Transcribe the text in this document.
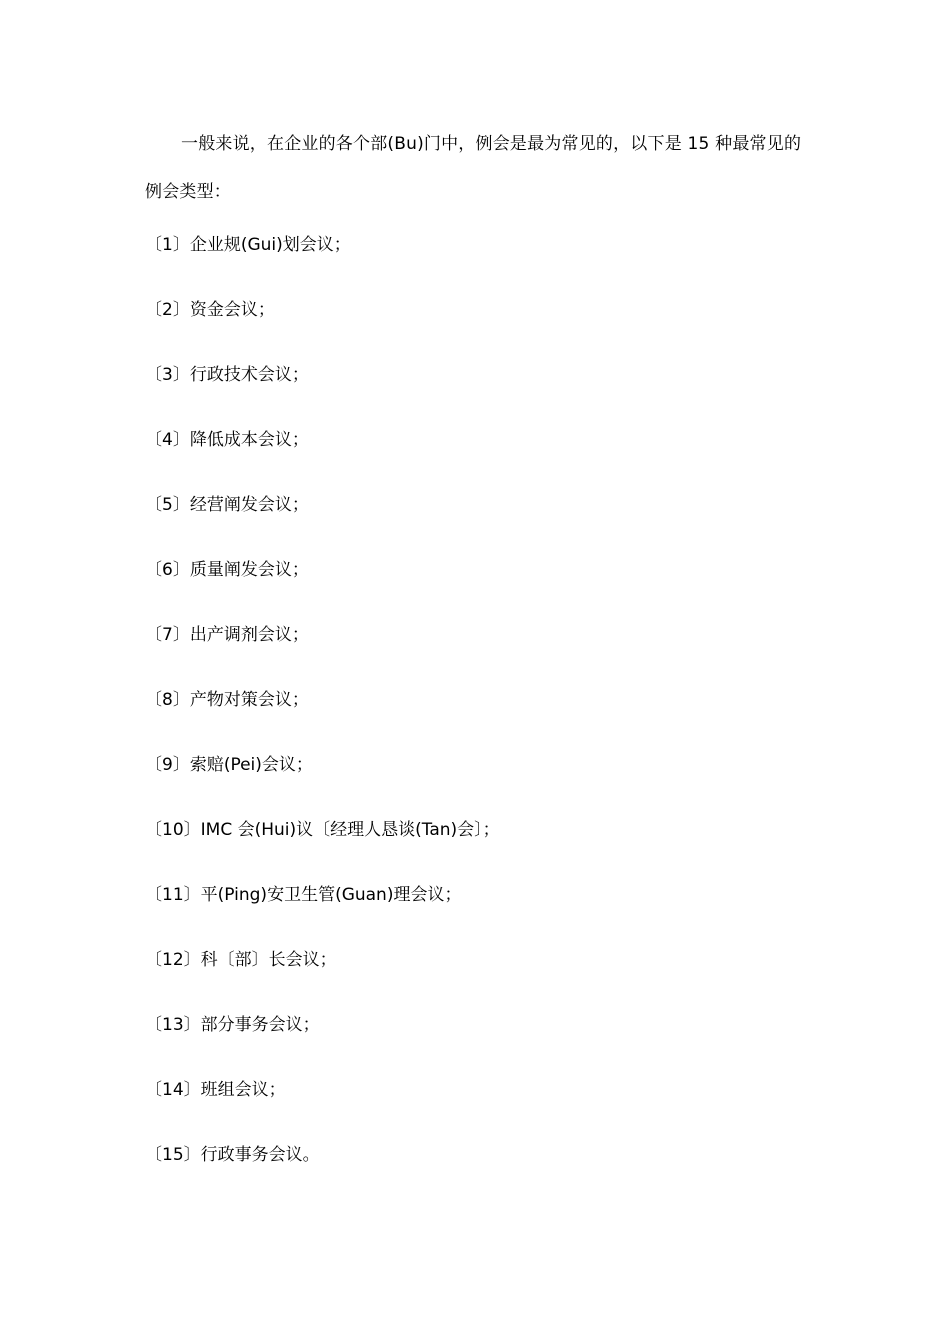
一般来说，在企业的各个部(Bu)门中，例会是最为常见的，以下是 15 种最常见的例会类型：

〔1〕企业规(Gui)划会议；
〔2〕资金会议；
〔3〕行政技术会议；
〔4〕降低成本会议；
〔5〕经营阐发会议；
〔6〕质量阐发会议；
〔7〕出产调剂会议；
〔8〕产物对策会议；
〔9〕索赔(Pei)会议；
〔10〕IMC 会(Hui)议〔经理人恳谈(Tan)会〕；
〔11〕平(Ping)安卫生管(Guan)理会议；
〔12〕科〔部〕长会议；
〔13〕部分事务会议；
〔14〕班组会议；
〔15〕行政事务会议。
